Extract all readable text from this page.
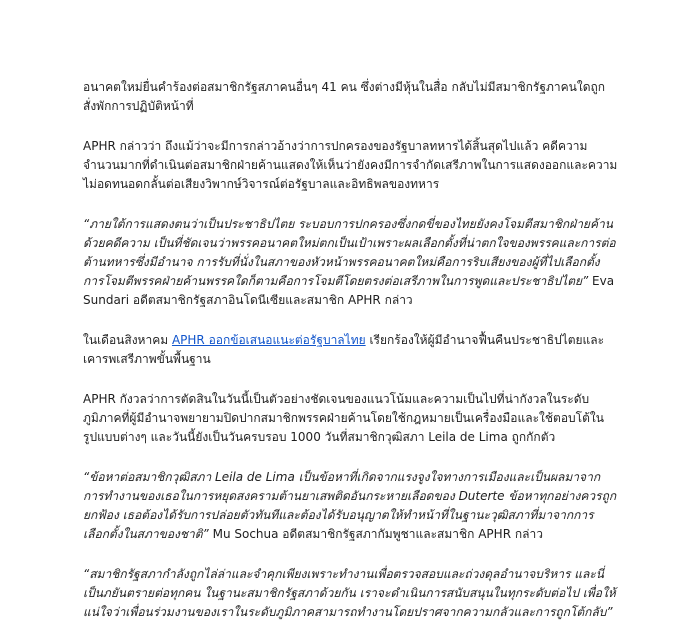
อนาคตใหม่ยื่นคำร้องต่อสมาชิกรัฐสภาคนอื่นๆ 41 คน ซึ่งต่างมีหุ้นในสื่อ กลับไม่มีสมาชิกรัฐภาคนใดถูกสั่งพักการปฏิบัติหน้าที่

APHR กล่าวว่า ถึงแม้ว่าจะมีการกล่าวอ้างว่าการปกครองของรัฐบาลทหารได้สิ้นสุดไปแล้ว คดีความจำนวนมากที่ดำเนินต่อสมาชิกฝ่ายค้านแสดงให้เห็นว่ายังคงมีการจำกัดเสรีภาพในการแสดงออกและความไม่อดทนอดกลั้นต่อเสียงวิพากษ์วิจารณ์ต่อรัฐบาลและอิทธิพลของทหาร

“ภายใต้การแสดงตนว่าเป็นประชาธิปไตย ระบอบการปกครองซึ่งกดขี่ของไทยยังคงโจมตีสมาชิกฝ่ายค้านด้วยคดีความ เป็นที่ชัดเจนว่าพรรคอนาคตใหม่ตกเป็นเป้าเพราะผลเลือกตั้งที่น่าตกใจของพรรคและการต่อต้านทหารซึ่งมีอำนาจ การรับที่นั่งในสภาของหัวหน้าพรรคอนาคตใหม่คือการริบเสียงของผู้ที่ไปเลือกตั้ง การโจมตีพรรคฝ่ายค้านพรรคใดก็ตามคือการโจมตีโดยตรงต่อเสรีภาพในการพูดและประชาธิปไตย” Eva Sundari อดีตสมาชิกรัฐสภาอินโดนีเซียและสมาชิก APHR กล่าว

ในเดือนสิงหาคม APHR ออกข้อเสนอแนะต่อรัฐบาลไทย เรียกร้องให้ผู้มีอำนาจฟื้นคืนประชาธิปไตยและเคารพเสรีภาพขั้นพื้นฐาน

APHR กังวลว่าการตัดสินในวันนี้เป็นตัวอย่างชัดเจนของแนวโน้มและความเป็นไปที่น่ากังวลในระดับภูมิภาคที่ผู้มีอำนาจพยายามปิดปากสมาชิกพรรคฝ่ายค้านโดยใช้กฎหมายเป็นเครื่องมือและใช้ตอบโต้ในรูปแบบต่างๆ และวันนี้ยังเป็นวันครบรอบ 1000 วันที่สมาชิกวุฒิสภา Leila de Lima ถูกกักตัว

“ข้อหาต่อสมาชิกวุฒิสภา Leila de Lima เป็นข้อหาที่เกิดจากแรงจูงใจทางการเมืองและเป็นผลมาจากการทำงานของเธอในการหยุดสงครามต้านยาเสพติดอันกระหายเลือดของ Duterte ข้อหาทุกอย่างควรถูกยกฟ้อง เธอต้องได้รับการปล่อยตัวทันทีและต้องได้รับอนุญาตให้ทำหน้าที่ในฐานะวุฒิสภาที่มาจากการเลือกตั้งในสภาของชาติ” Mu Sochua อดีตสมาชิกรัฐสภากัมพูชาและสมาชิก APHR กล่าว

“สมาชิกรัฐสภากำลังถูกไล่ล่าและจำคุกเพียงเพราะทำงานเพื่อตรวจสอบและถ่วงดุลอำนาจบริหาร และนี่เป็นภยันตรายต่อทุกคน ในฐานะสมาชิกรัฐสภาด้วยกัน เราจะดำเนินการสนับสนุนในทุกระดับต่อไป เพื่อให้แน่ใจว่าเพื่อนร่วมงานของเราในระดับภูมิภาคสามารถทำงานโดยปราศจากความกลัวและการถูกโต้กลับ”
